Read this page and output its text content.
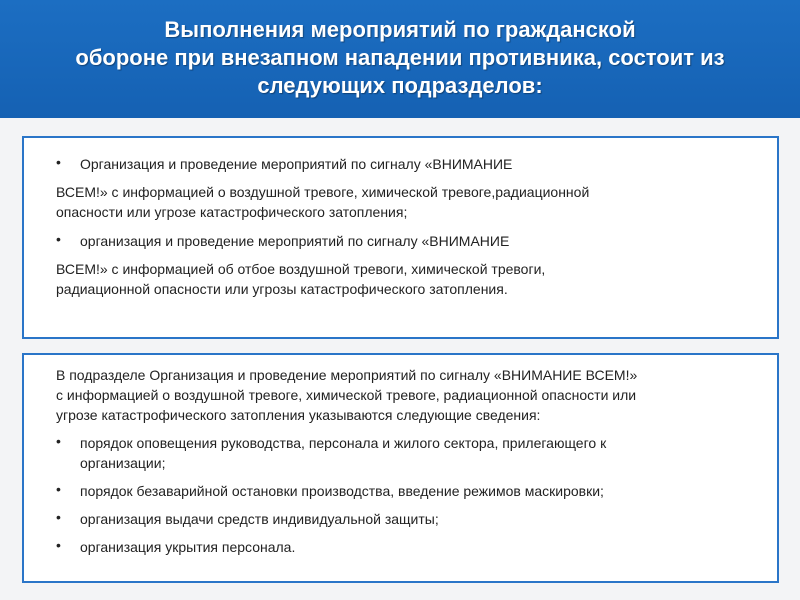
Выполнения мероприятий по гражданской
обороне при внезапном нападении противника, состоит из
следующих подразделов:
•	Организация и проведение мероприятий по сигналу «ВНИМАНИЕ
ВСЕМ!» с информацией о воздушной тревоге, химической тревоге,радиационной
опасности или угрозе катастрофического затопления;
•	организация и проведение мероприятий по сигналу «ВНИМАНИЕ
ВСЕМ!» с информацией об отбое воздушной тревоги, химической тревоги,
радиационной опасности или угрозы катастрофического затопления.
В подразделе Организация и проведение мероприятий по сигналу «ВНИМАНИЕ ВСЕМ!»
с информацией о воздушной тревоге, химической тревоге, радиационной опасности или
угрозе катастрофического затопления указываются следующие сведения:
•	порядок оповещения руководства, персонала и жилого сектора, прилегающего к
организации;
•	порядок безаварийной остановки производства, введение режимов маскировки;
•	организация выдачи средств индивидуальной защиты;
•	организация укрытия персонала.
